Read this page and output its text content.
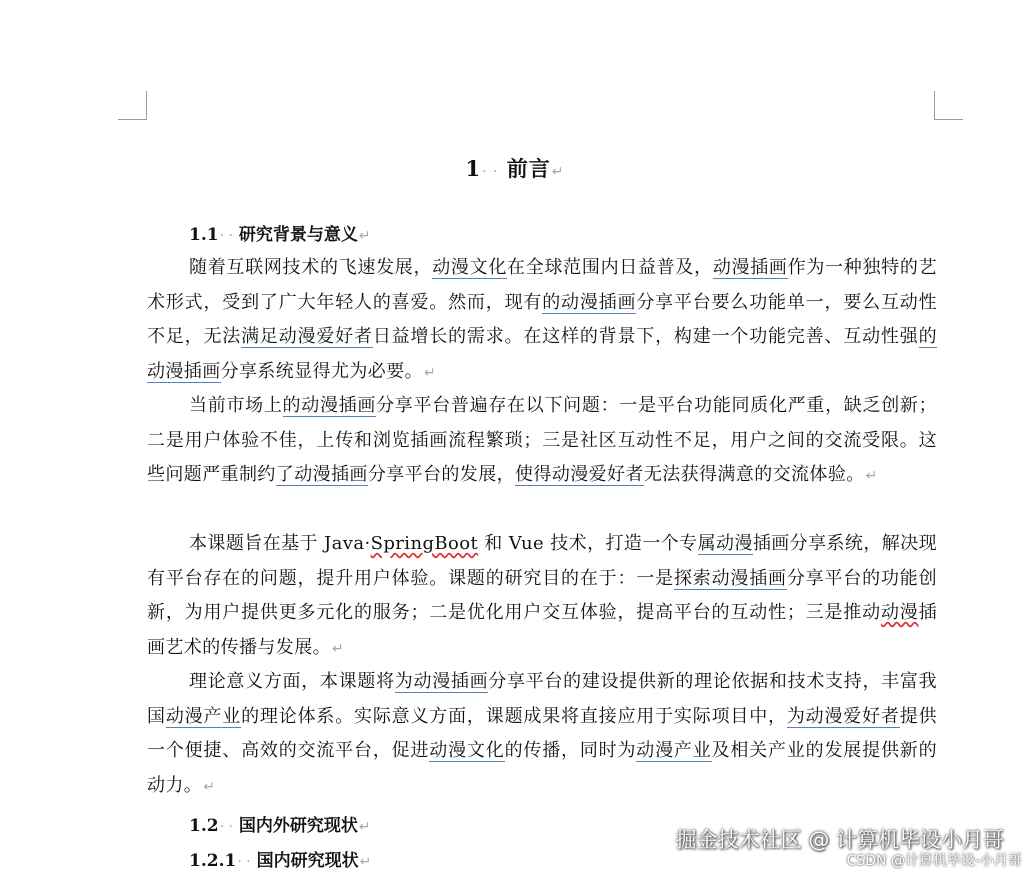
1· · 前言↵
1.1· · 研究背景与意义↵

随着互联网技术的飞速发展，动漫文化在全球范围内日益普及，动漫插画作为一种独特的艺术形式，受到了广大年轻人的喜爱。然而，现有的动漫插画分享平台要么功能单一，要么互动性不足，无法满足动漫爱好者日益增长的需求。在这样的背景下，构建一个功能完善、互动性强的动漫插画分享系统显得尤为必要。↵

当前市场上的动漫插画分享平台普遍存在以下问题：一是平台功能同质化严重，缺乏创新；二是用户体验不佳，上传和浏览插画流程繁琐；三是社区互动性不足，用户之间的交流受限。这些问题严重制约了动漫插画分享平台的发展，使得动漫爱好者无法获得满意的交流体验。↵

本课题旨在基于 Java·SpringBoot 和 Vue 技术，打造一个专属动漫插画分享系统，解决现有平台存在的问题，提升用户体验。课题的研究目的在于：一是探索动漫插画分享平台的功能创新，为用户提供更多元化的服务；二是优化用户交互体验，提高平台的互动性；三是推动动漫插画艺术的传播与发展。↵

理论意义方面，本课题将为动漫插画分享平台的建设提供新的理论依据和技术支持，丰富我国动漫产业的理论体系。实际意义方面，课题成果将直接应用于实际项目中，为动漫爱好者提供一个便捷、高效的交流平台，促进动漫文化的传播，同时为动漫产业及相关产业的发展提供新的动力。↵

1.2· · 国内外研究现状↵
1.2.1· · 国内研究现状↵
掘金技术社区 @ 计算机毕设小月哥
CSDN @计算机毕设-小月哥
